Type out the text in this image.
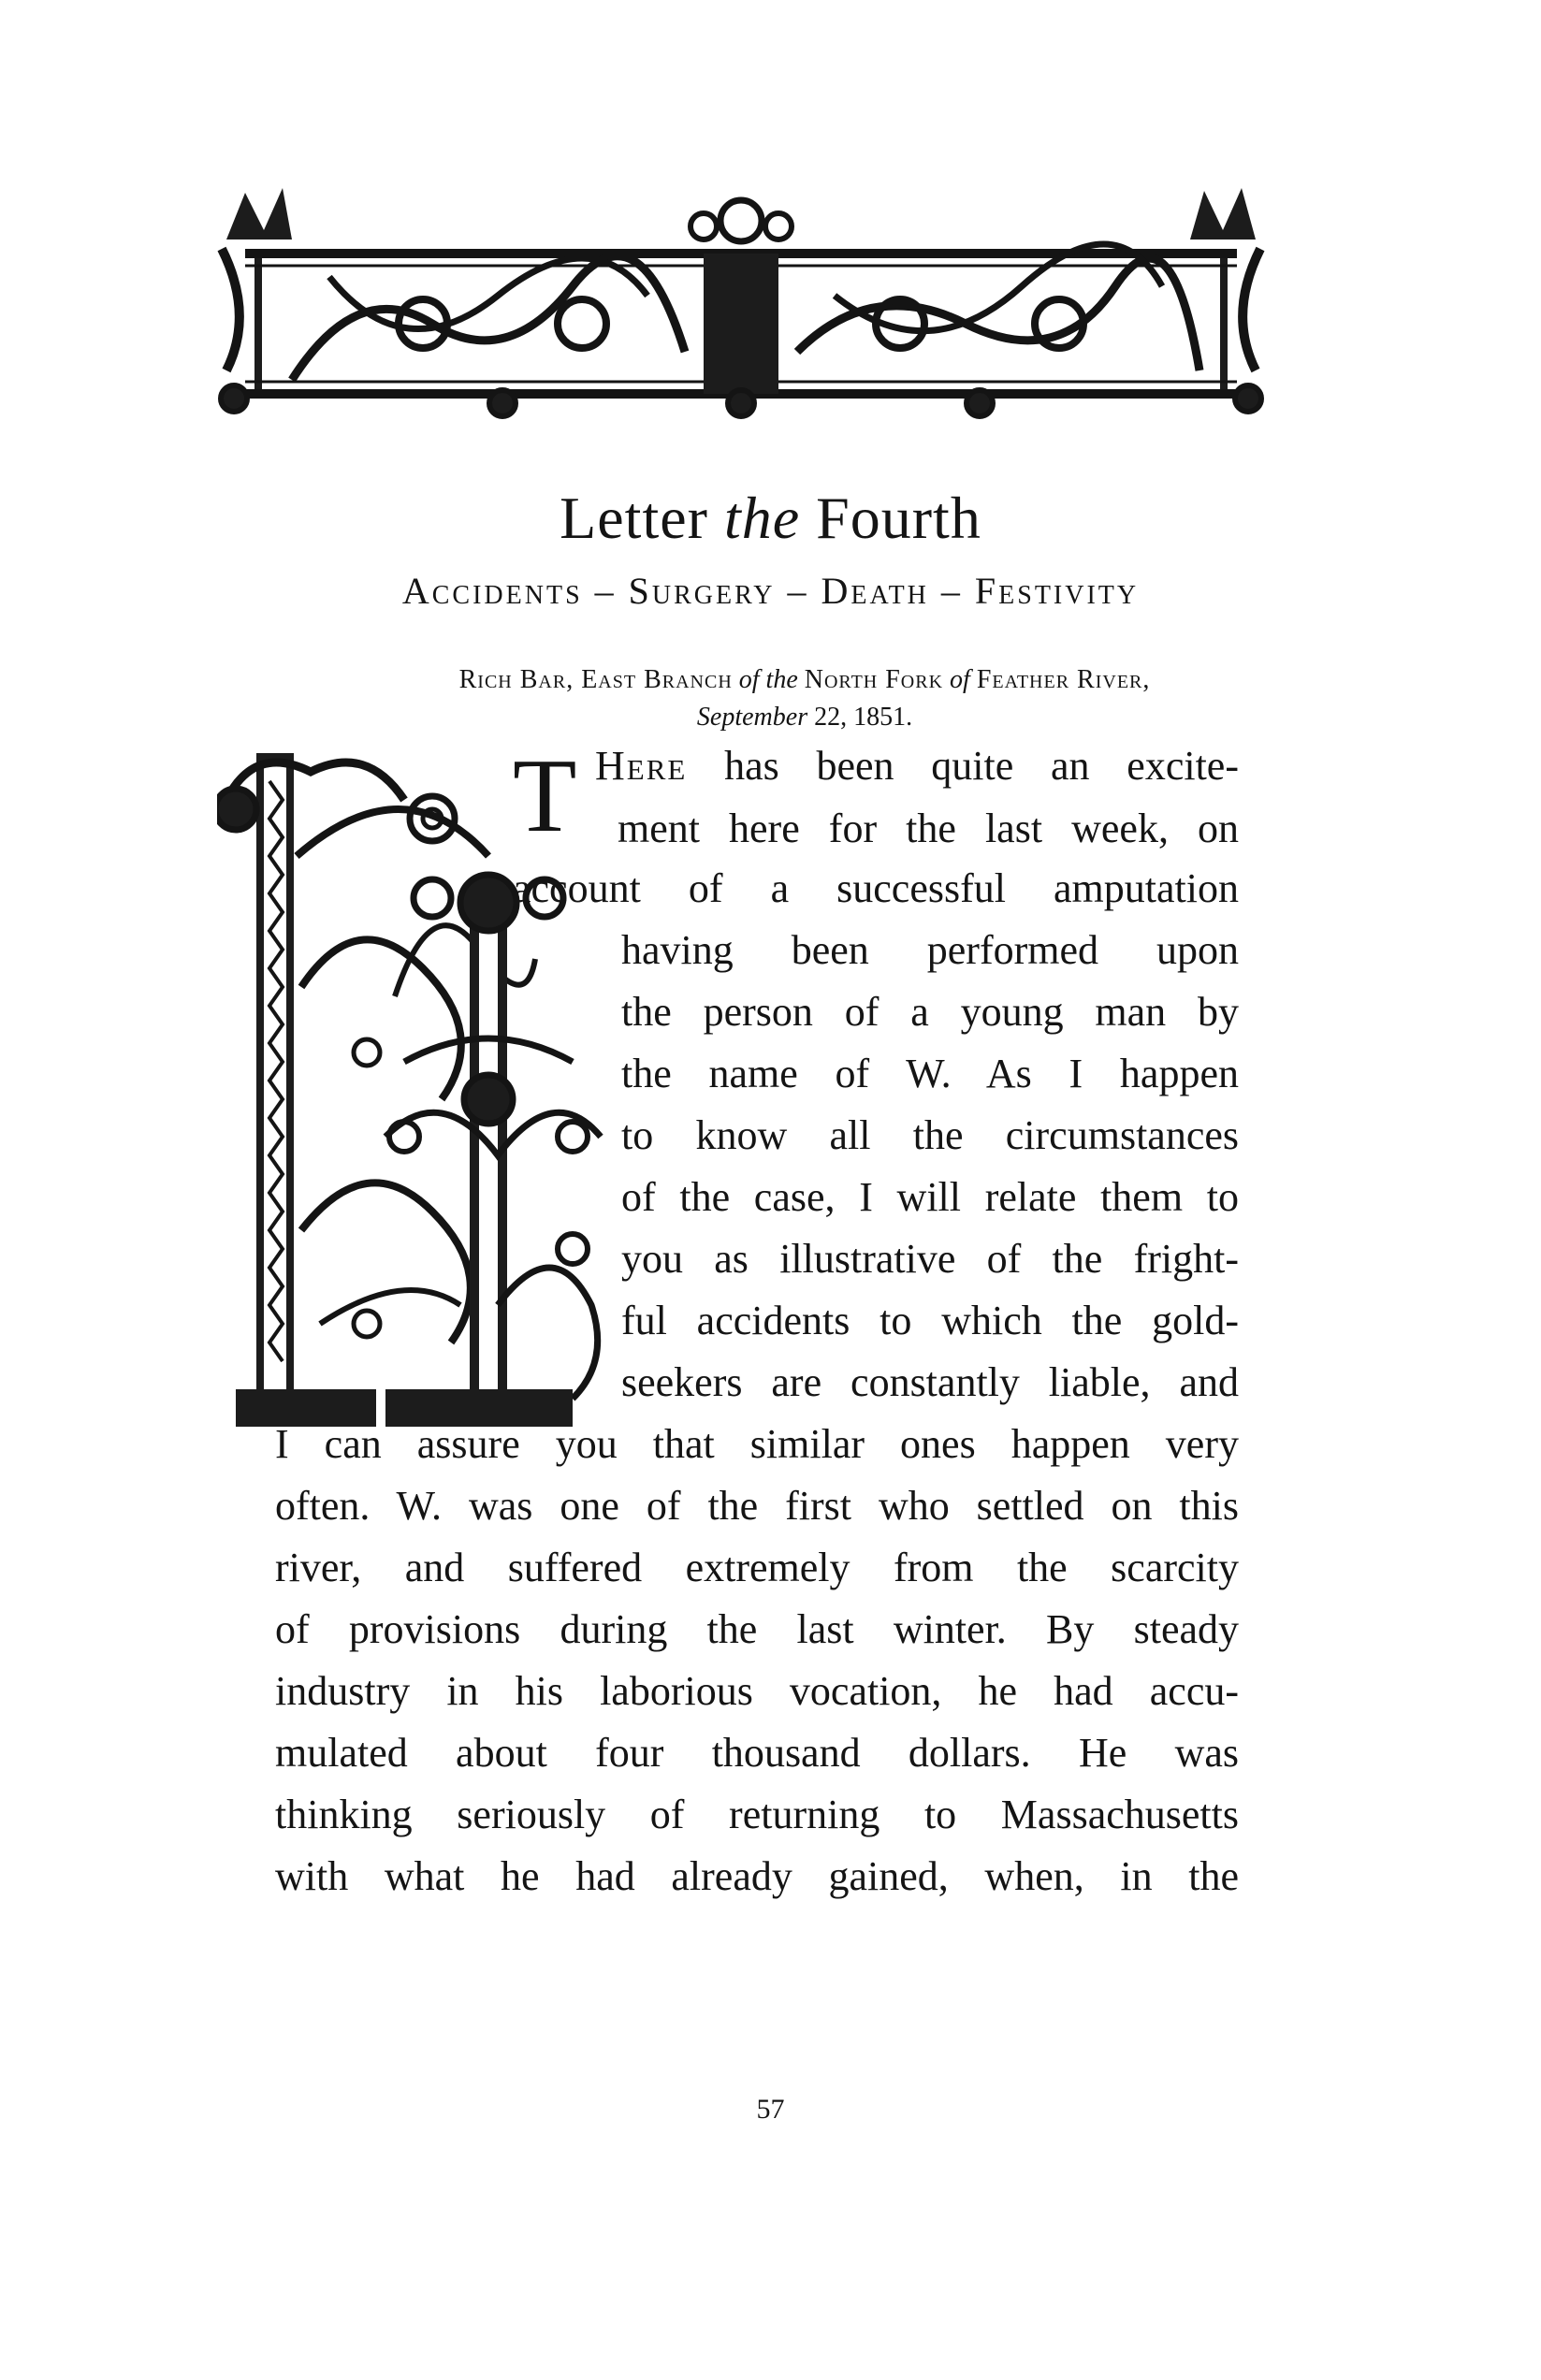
Letter the Fourth
Accidents – Surgery – Death – Festivity
Rich Bar, East Branch of the North Fork of Feather River,
September 22, 1851.
T Here has been quite an excite-
ment here for the last week, on
account of a successful amputation
having been performed upon
the person of a young man by
the name of W. As I happen
to know all the circumstances
of the case, I will relate them to
you as illustrative of the fright-
ful accidents to which the gold-
seekers are constantly liable, and
I can assure you that similar ones happen very
often. W. was one of the first who settled on this
river, and suffered extremely from the scarcity
of provisions during the last winter. By steady
industry in his laborious vocation, he had accu-
mulated about four thousand dollars. He was
thinking seriously of returning to Massachusetts
with what he had already gained, when, in the
57
